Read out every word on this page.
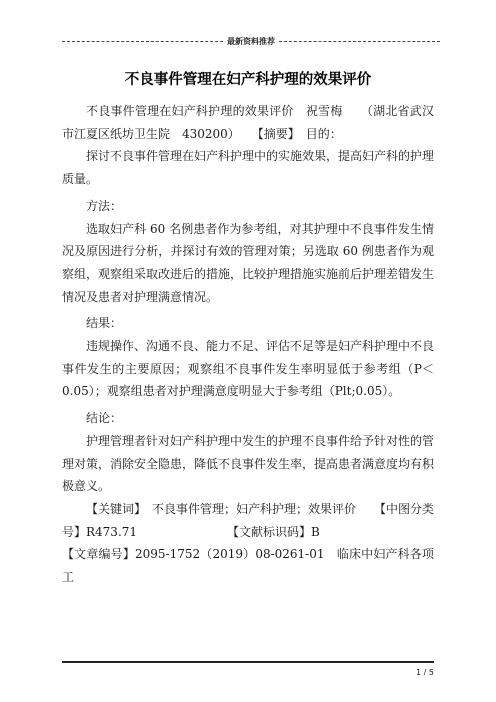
最新资料推荐
不良事件管理在妇产科护理的效果评价

不良事件管理在妇产科护理的效果评价　祝雪梅　　（湖北省武汉市江夏区纸坊卫生院　430200）　　【摘要】　目的：

探讨不良事件管理在妇产科护理中的实施效果，提高妇产科的护理质量。

方法：

选取妇产科 60 名例患者作为参考组，对其护理中不良事件发生情况及原因进行分析，并探讨有效的管理对策；另选取 60 例患者作为观察组，观察组采取改进后的措施，比较护理措施实施前后护理差错发生情况及患者对护理满意情况。

结果：

违规操作、沟通不良、能力不足、评估不足等是妇产科护理中不良事件发生的主要原因；观察组不良事件发生率明显低于参考组（P＜0.05）；观察组患者对护理满意度明显大于参考组（Plt;0.05）。

结论：

护理管理者针对妇产科护理中发生的护理不良事件给予针对性的管理对策，消除安全隐患，降低不良事件发生率，提高患者满意度均有积极意义。

【关键词】　不良事件管理；妇产科护理；效果评价　　【中图分类号】R473.71　　　　　　　　【文献标识码】B

【文章编号】2095-1752（2019）08-0261-01　临床中妇产科各项工

1 / 5
